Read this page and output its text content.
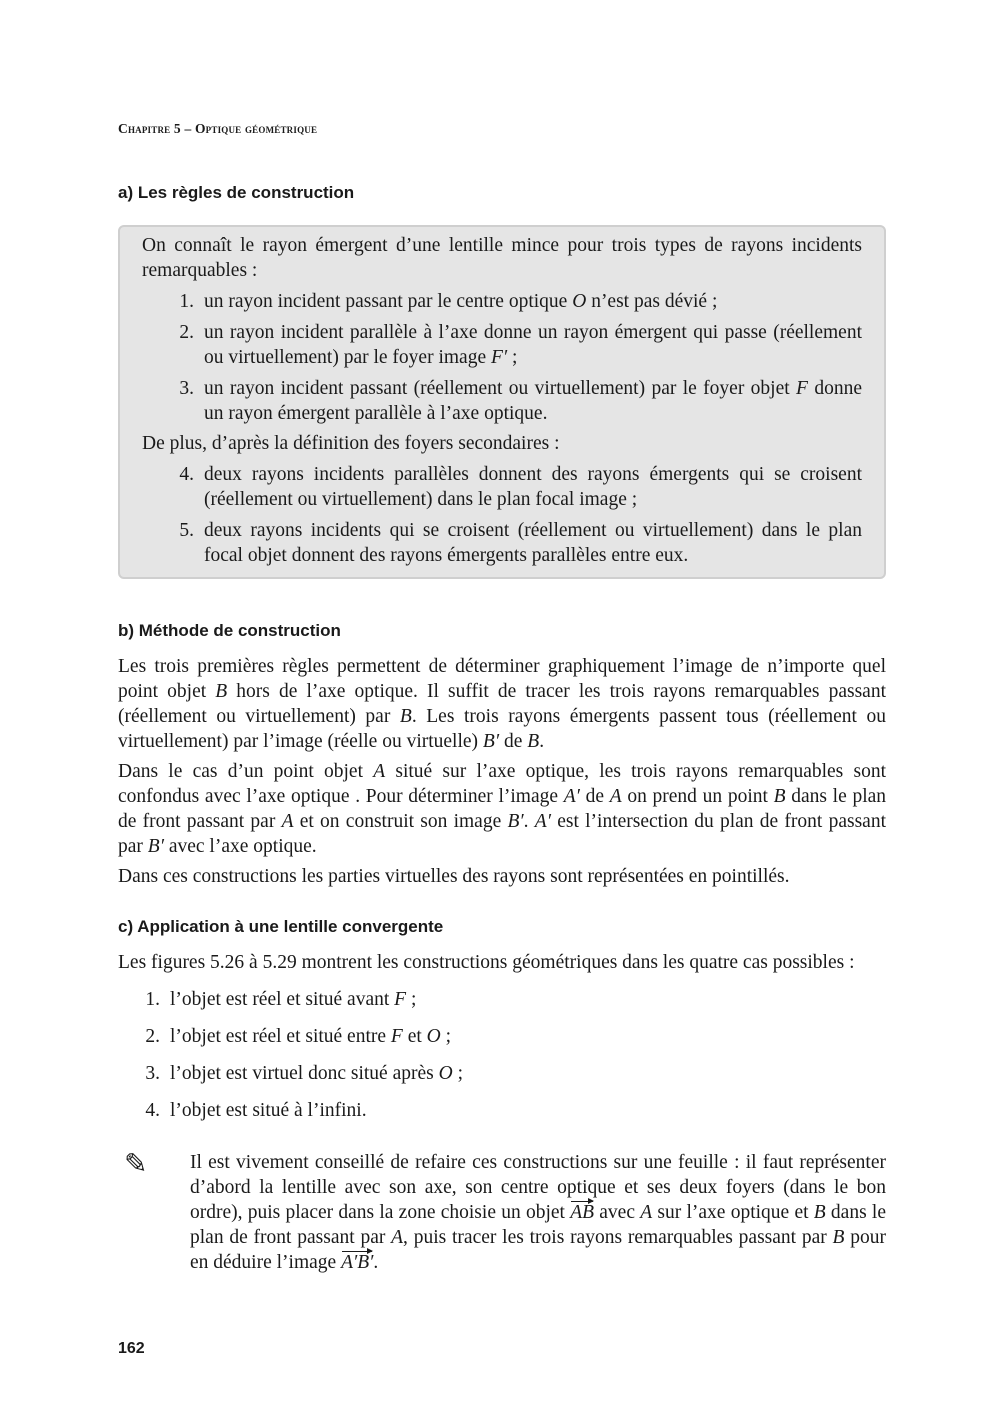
Chapitre 5 – Optique géométrique
a) Les règles de construction

On connaît le rayon émergent d’une lentille mince pour trois types de rayons incidents remarquables :

1. un rayon incident passant par le centre optique O n’est pas dévié ;
2. un rayon incident parallèle à l’axe donne un rayon émergent qui passe (réellement ou virtuellement) par le foyer image F′ ;
3. un rayon incident passant (réellement ou virtuellement) par le foyer objet F donne un rayon émergent parallèle à l’axe optique.

De plus, d’après la définition des foyers secondaires :

4. deux rayons incidents parallèles donnent des rayons émergents qui se croisent (réellement ou virtuellement) dans le plan focal image ;
5. deux rayons incidents qui se croisent (réellement ou virtuellement) dans le plan focal objet donnent des rayons émergents parallèles entre eux.
b) Méthode de construction

Les trois premières règles permettent de déterminer graphiquement l’image de n’importe quel point objet B hors de l’axe optique. Il suffit de tracer les trois rayons remarquables passant (réellement ou virtuellement) par B. Les trois rayons émergents passent tous (réellement ou virtuellement) par l’image (réelle ou virtuelle) B′ de B.

Dans le cas d’un point objet A situé sur l’axe optique, les trois rayons remarquables sont confondus avec l’axe optique . Pour déterminer l’image A′ de A on prend un point B dans le plan de front passant par A et on construit son image B′. A′ est l’intersection du plan de front passant par B′ avec l’axe optique.

Dans ces constructions les parties virtuelles des rayons sont représentées en pointillés.

c) Application à une lentille convergente

Les figures 5.26 à 5.29 montrent les constructions géométriques dans les quatre cas possibles :

1. l’objet est réel et situé avant F ;
2. l’objet est réel et situé entre F et O ;
3. l’objet est virtuel donc situé après O ;
4. l’objet est situé à l’infini.
✎	Il est vivement conseillé de refaire ces constructions sur une feuille : il faut représenter d’abord la lentille avec son axe, son centre optique et ses deux foyers (dans le bon ordre), puis placer dans la zone choisie un objet AB avec A sur l’axe optique et B dans le plan de front passant par A, puis tracer les trois rayons remarquables passant par B pour en déduire l’image A′B′.

162
